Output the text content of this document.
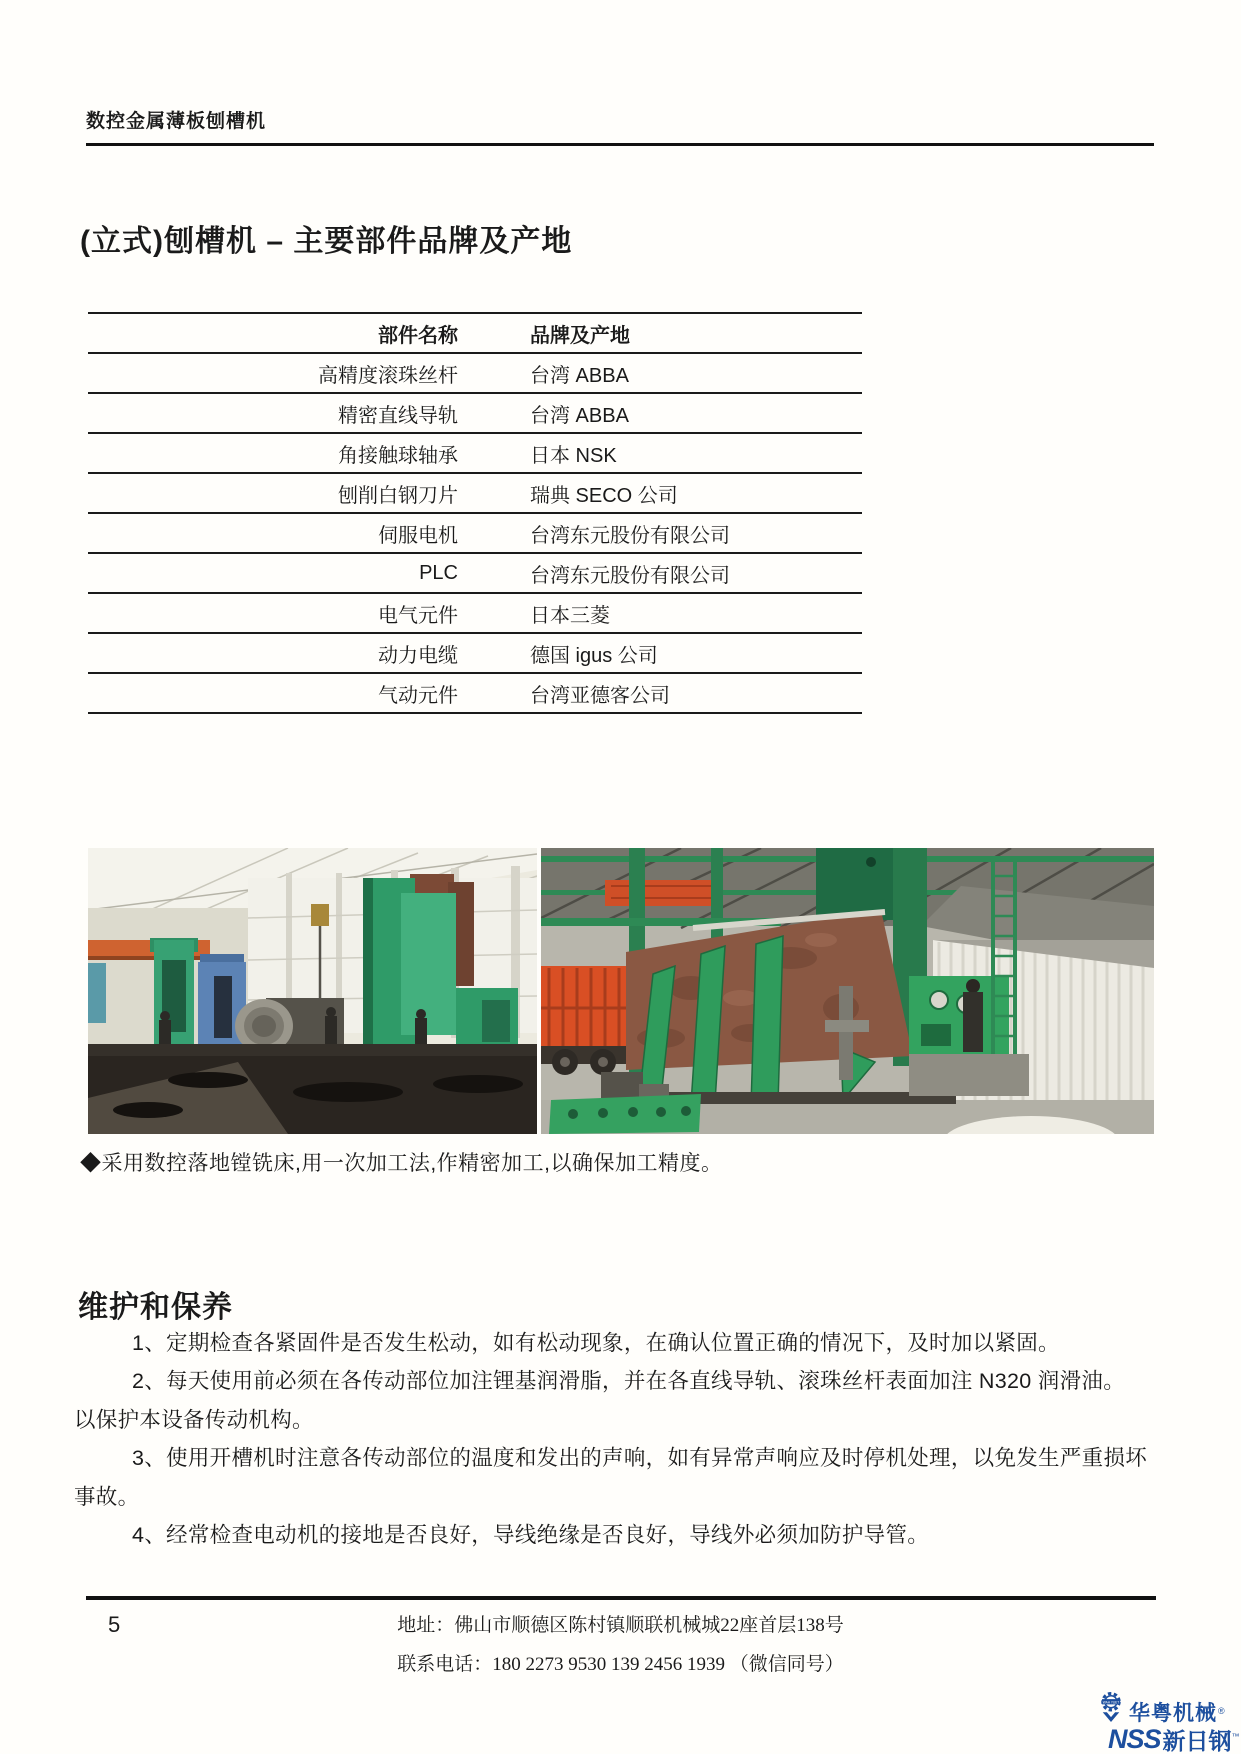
数控金属薄板刨槽机
(立式)刨槽机 – 主要部件品牌及产地
部件名称	品牌及产地
高精度滚珠丝杆	台湾 ABBA
精密直线导轨	台湾 ABBA
角接触球轴承	日本 NSK
刨削白钢刀片	瑞典 SECO 公司
伺服电机	台湾东元股份有限公司
PLC	台湾东元股份有限公司
电气元件	日本三菱
动力电缆	德国 igus 公司
气动元件	台湾亚德客公司
◆采用数控落地镗铣床,用一次加工法,作精密加工,以确保加工精度。
维护和保养
1、定期检查各紧固件是否发生松动，如有松动现象，在确认位置正确的情况下，及时加以紧固。
2、每天使用前必须在各传动部位加注锂基润滑脂，并在各直线导轨、滚珠丝杆表面加注 N320 润滑油。
以保护本设备传动机构。
3、使用开槽机时注意各传动部位的温度和发出的声响，如有异常声响应及时停机处理，以免发生严重损坏
事故。
4、经常检查电动机的接地是否良好，导线绝缘是否良好，导线外必须加防护导管。
5	地址：佛山市顺德区陈村镇顺联机械城22座首层138号
联系电话：180 2273 9530 139 2456 1939 （微信同号）
WAH YUET 华粤机械 ®
NSS 新日钢 ™
